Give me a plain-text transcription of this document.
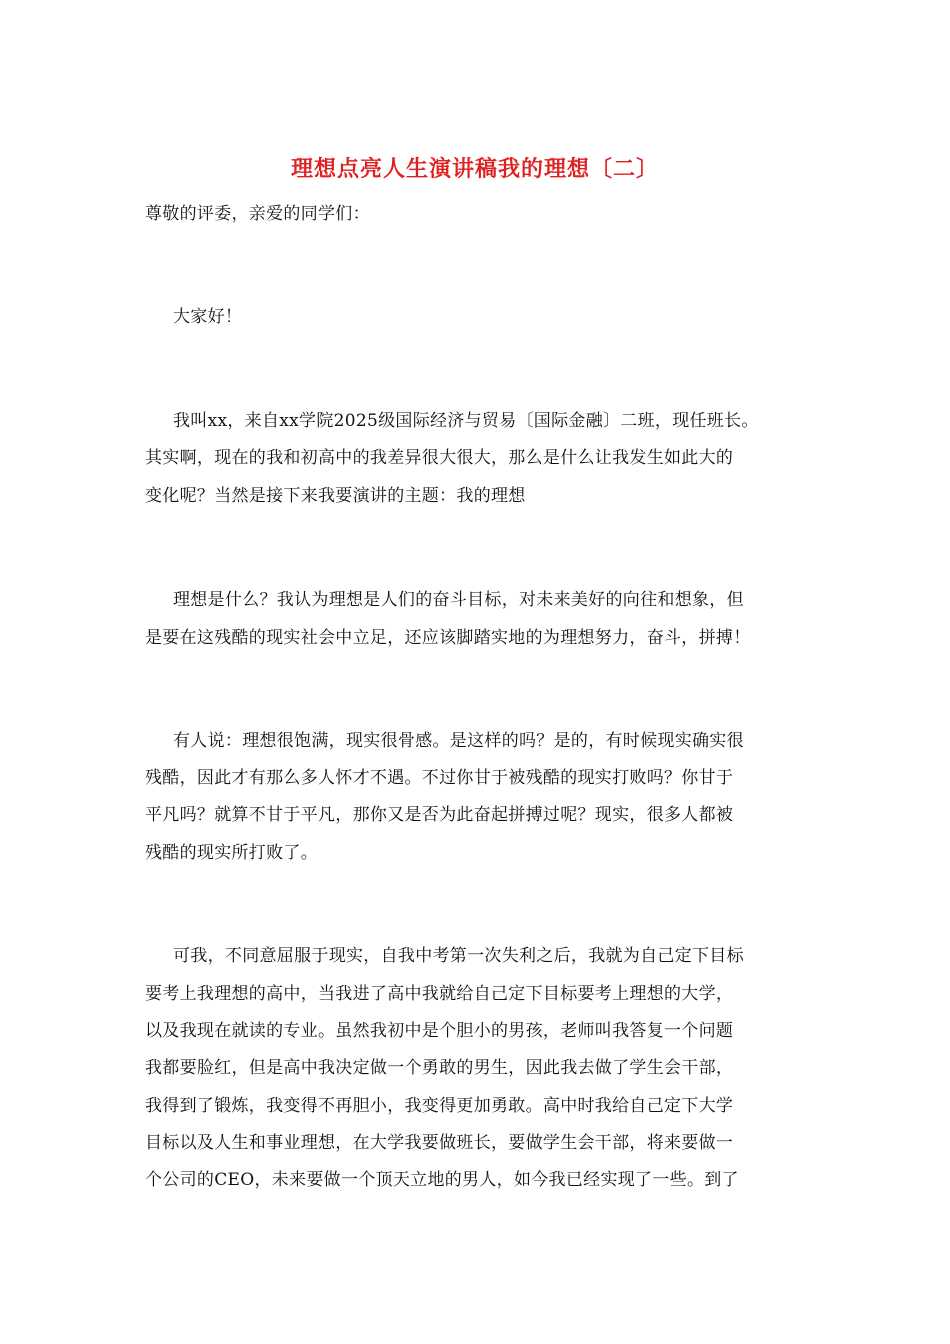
理想点亮人生演讲稿我的理想〔二〕
尊敬的评委，亲爱的同学们：
大家好！
我叫xx，来自xx学院2025级国际经济与贸易〔国际金融〕二班，现任班长。
其实啊，现在的我和初高中的我差异很大很大，那么是什么让我发生如此大的
变化呢？当然是接下来我要演讲的主题：我的理想
理想是什么？我认为理想是人们的奋斗目标，对未来美好的向往和想象，但
是要在这残酷的现实社会中立足，还应该脚踏实地的为理想努力，奋斗，拼搏！
有人说：理想很饱满，现实很骨感。是这样的吗？是的，有时候现实确实很
残酷，因此才有那么多人怀才不遇。不过你甘于被残酷的现实打败吗？你甘于
平凡吗？就算不甘于平凡，那你又是否为此奋起拼搏过呢？现实，很多人都被
残酷的现实所打败了。
可我，不同意屈服于现实，自我中考第一次失利之后，我就为自己定下目标
要考上我理想的高中，当我进了高中我就给自己定下目标要考上理想的大学，
以及我现在就读的专业。虽然我初中是个胆小的男孩，老师叫我答复一个问题
我都要脸红，但是高中我决定做一个勇敢的男生，因此我去做了学生会干部，
我得到了锻炼，我变得不再胆小，我变得更加勇敢。高中时我给自己定下大学
目标以及人生和事业理想，在大学我要做班长，要做学生会干部，将来要做一
个公司的CEO，未来要做一个顶天立地的男人，如今我已经实现了一些。到了
